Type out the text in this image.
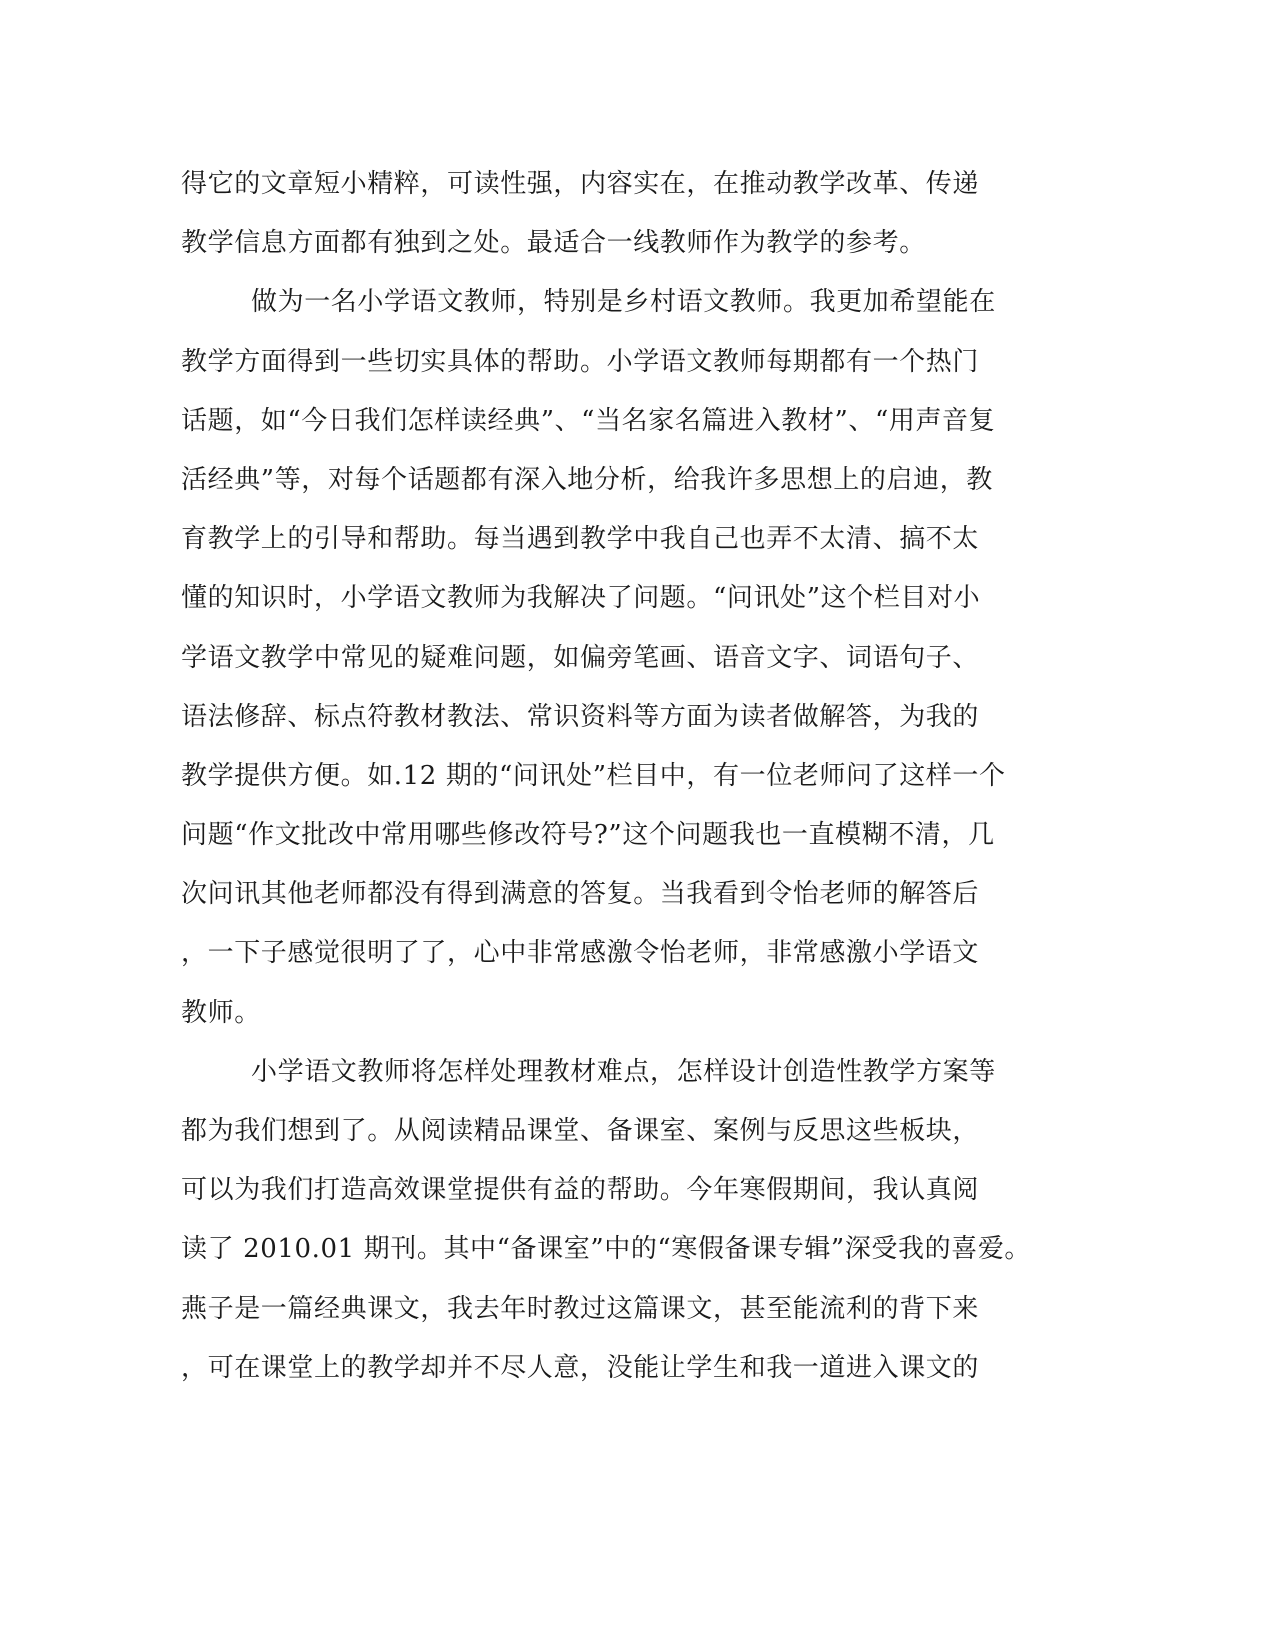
得它的文章短小精粹，可读性强，内容实在，在推动教学改革、传递
教学信息方面都有独到之处。最适合一线教师作为教学的参考。
做为一名小学语文教师，特别是乡村语文教师。我更加希望能在
教学方面得到一些切实具体的帮助。小学语文教师每期都有一个热门
话题，如“今日我们怎样读经典”、“当名家名篇进入教材”、“用声音复
活经典”等，对每个话题都有深入地分析，给我许多思想上的启迪，教
育教学上的引导和帮助。每当遇到教学中我自己也弄不太清、搞不太
懂的知识时，小学语文教师为我解决了问题。“问讯处”这个栏目对小
学语文教学中常见的疑难问题，如偏旁笔画、语音文字、词语句子、
语法修辞、标点符教材教法、常识资料等方面为读者做解答，为我的
教学提供方便。如.12 期的“问讯处”栏目中，有一位老师问了这样一个
问题“作文批改中常用哪些修改符号?”这个问题我也一直模糊不清，几
次问讯其他老师都没有得到满意的答复。当我看到令怡老师的解答后
，一下子感觉很明了了，心中非常感激令怡老师，非常感激小学语文
教师。
小学语文教师将怎样处理教材难点，怎样设计创造性教学方案等
都为我们想到了。从阅读精品课堂、备课室、案例与反思这些板块，
可以为我们打造高效课堂提供有益的帮助。今年寒假期间，我认真阅
读了 2010.01 期刊。其中“备课室”中的“寒假备课专辑”深受我的喜爱。
燕子是一篇经典课文，我去年时教过这篇课文，甚至能流利的背下来
，可在课堂上的教学却并不尽人意，没能让学生和我一道进入课文的
